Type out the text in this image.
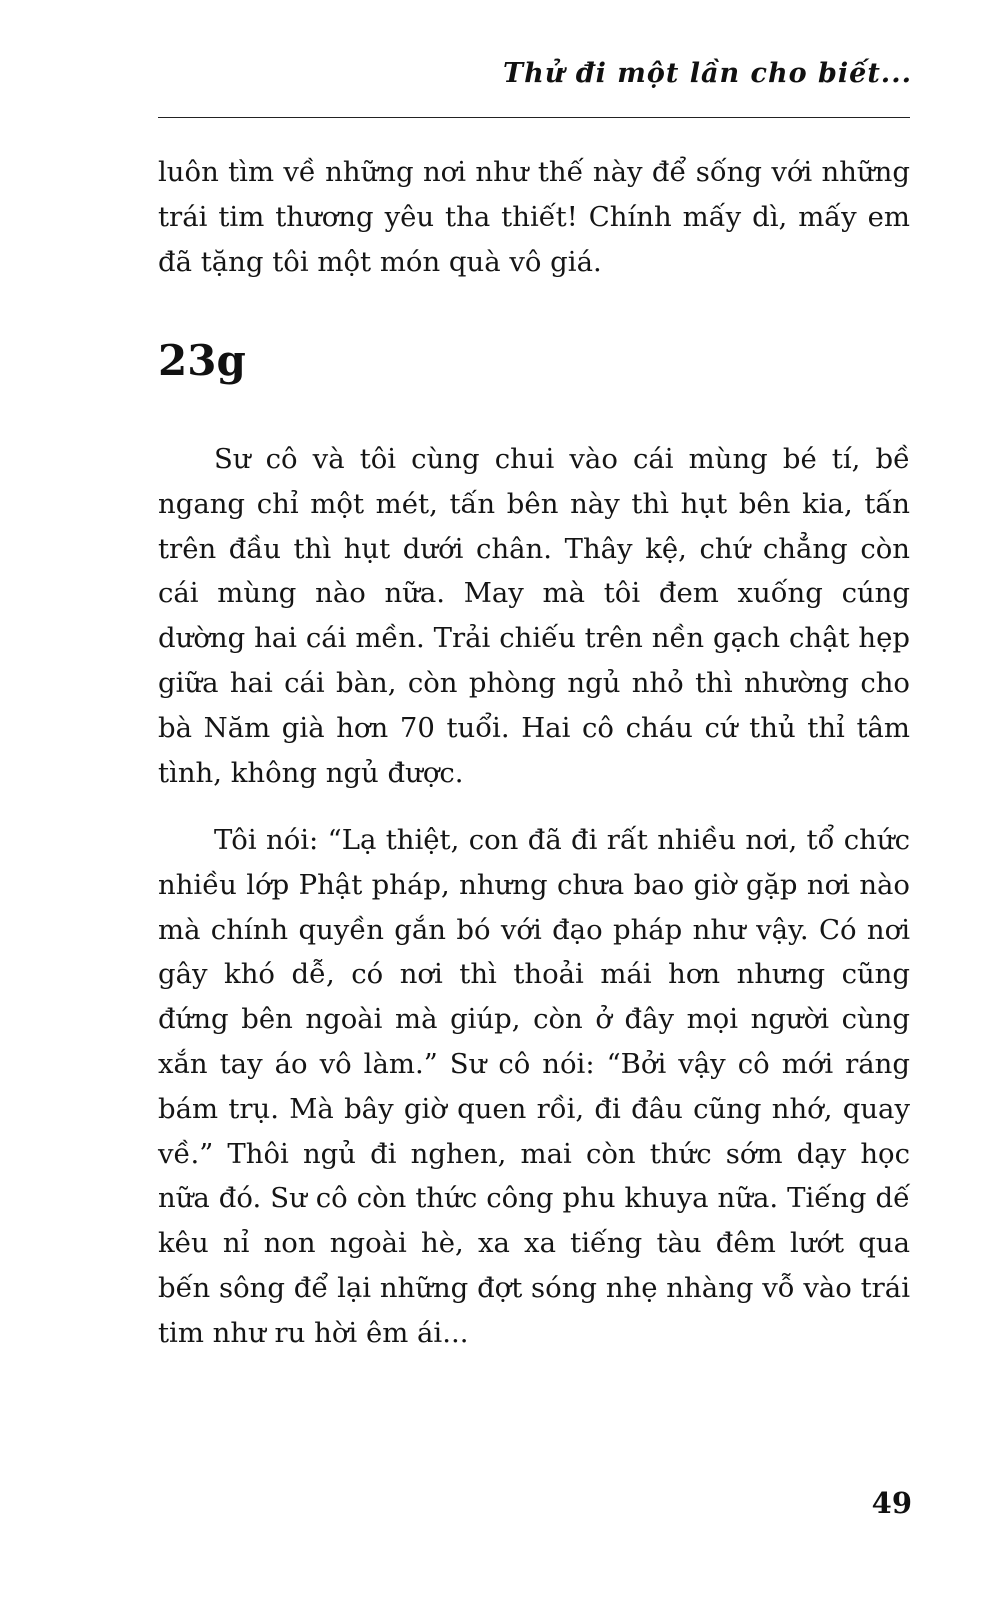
Thử đi một lần cho biết...

luôn tìm về những nơi như thế này để sống với những trái tim thương yêu tha thiết! Chính mấy dì, mấy em đã tặng tôi một món quà vô giá.

23g

Sư cô và tôi cùng chui vào cái mùng bé tí, bề ngang chỉ một mét, tấn bên này thì hụt bên kia, tấn trên đầu thì hụt dưới chân. Thây kệ, chứ chẳng còn cái mùng nào nữa. May mà tôi đem xuống cúng dường hai cái mền. Trải chiếu trên nền gạch chật hẹp giữa hai cái bàn, còn phòng ngủ nhỏ thì nhường cho bà Năm già hơn 70 tuổi. Hai cô cháu cứ thủ thỉ tâm tình, không ngủ được.

Tôi nói: “Lạ thiệt, con đã đi rất nhiều nơi, tổ chức nhiều lớp Phật pháp, nhưng chưa bao giờ gặp nơi nào mà chính quyền gắn bó với đạo pháp như vậy. Có nơi gây khó dễ, có nơi thì thoải mái hơn nhưng cũng đứng bên ngoài mà giúp, còn ở đây mọi người cùng xắn tay áo vô làm.” Sư cô nói: “Bởi vậy cô mới ráng bám trụ. Mà bây giờ quen rồi, đi đâu cũng nhớ, quay về.” Thôi ngủ đi nghen, mai còn thức sớm dạy học nữa đó. Sư cô còn thức công phu khuya nữa. Tiếng dế kêu nỉ non ngoài hè, xa xa tiếng tàu đêm lướt qua bến sông để lại những đợt sóng nhẹ nhàng vỗ vào trái tim như ru hời êm ái...

49
